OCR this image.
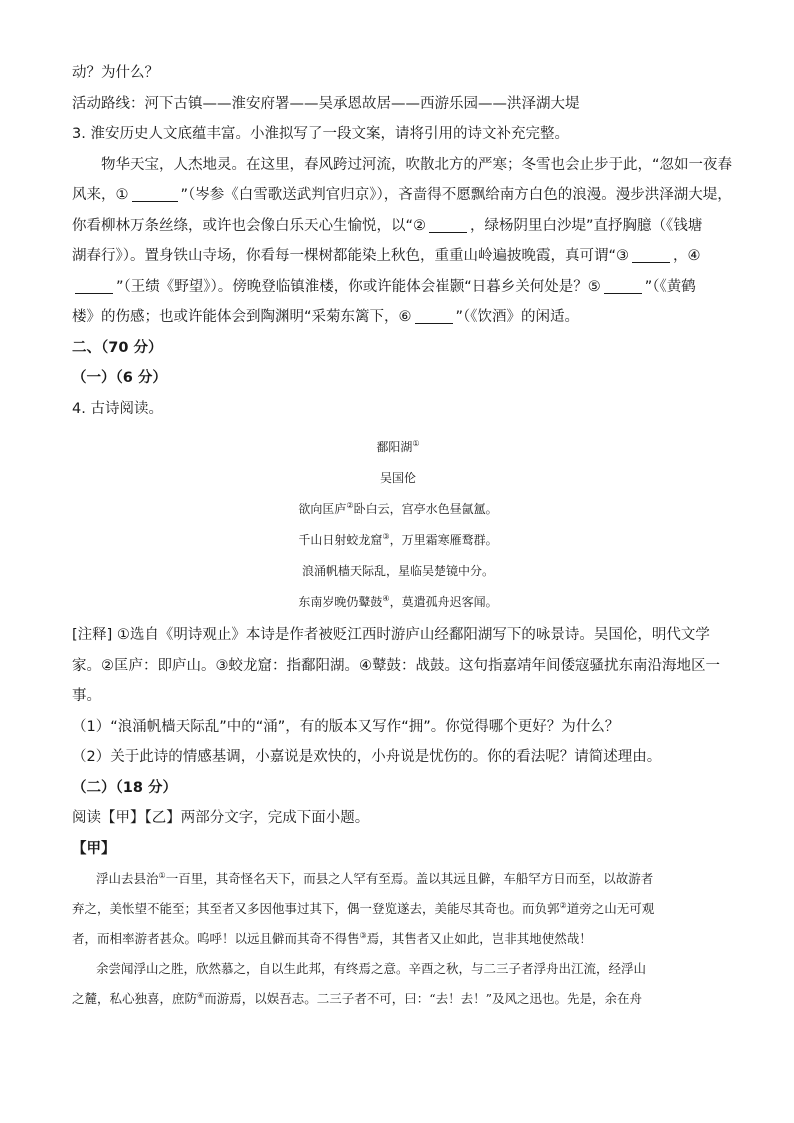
动？为什么？

活动路线：河下古镇——淮安府署——吴承恩故居——西游乐园——洪泽湖大堤

3. 淮安历史人文底蕴丰富。小淮拟写了一段文案，请将引用的诗文补充完整。

物华天宝，人杰地灵。在这里，春风跨过河流，吹散北方的严寒；冬雪也会止步于此，“忽如一夜春

风来，①	”（岑参《白雪歌送武判官归京》），吝啬得不愿飘给南方白色的浪漫。漫步洪泽湖大堤，

你看柳林万条丝绦，或许也会像白乐天心生愉悦，以“②	，绿杨阴里白沙堤”直抒胸臆（《钱塘

湖春行》）。置身铁山寺场，你看每一棵树都能染上秋色，重重山岭遍披晚霞，真可谓“③	，④

”（王绩《野望》）。傍晚登临镇淮楼，你或许能体会崔颢“日暮乡关何处是？⑤	”（《黄鹤

楼》的伤感；也或许能体会到陶渊明“采菊东篱下，⑥	”（《饮酒》的闲适。

二、（70 分）

（一）（6 分）

4. 古诗阅读。

鄱阳湖①

吴国伦

欲向匡庐②卧白云，宫亭水色昼氤氲。

千山日射蛟龙窟③，万里霜寒雁鹜群。

浪涌帆樯天际乱，星临吴楚镜中分。

东南岁晚仍鼙鼓④，莫遣孤舟迟客闻。

[注释] ①选自《明诗观止》本诗是作者被贬江西时游庐山经鄱阳湖写下的咏景诗。吴国伦，明代文学

家。②匡庐：即庐山。③蛟龙窟：指鄱阳湖。④鼙鼓：战鼓。这句指嘉靖年间倭寇骚扰东南沿海地区一

事。

（1）“浪涌帆樯天际乱”中的“涌”，有的版本又写作“拥”。你觉得哪个更好？为什么？

（2）关于此诗的情感基调，小嘉说是欢快的，小舟说是忧伤的。你的看法呢？请简述理由。

（二）（18 分）

阅读【甲】【乙】两部分文字，完成下面小题。

【甲】

浮山去县治①一百里，其奇怪名天下，而县之人罕有至焉。盖以其远且僻，车船罕方日而至，以故游者

弃之，美怅望不能至；其至者又多因他事过其下，偶一登览遂去，美能尽其奇也。而负郭②道旁之山无可观

者，而相率游者甚众。呜呼！以远且僻而其奇不得售③焉，其售者又止如此，岂非其地使然哉！

余尝闻浮山之胜，欣然慕之，自以生此邦，有终焉之意。辛酉之秋，与二三子者浮舟出江流，经浮山

之麓，私心独喜，庶防④而游焉，以娱吾志。二三子者不可，曰：“去！去！”及风之迅也。先是，余在舟
